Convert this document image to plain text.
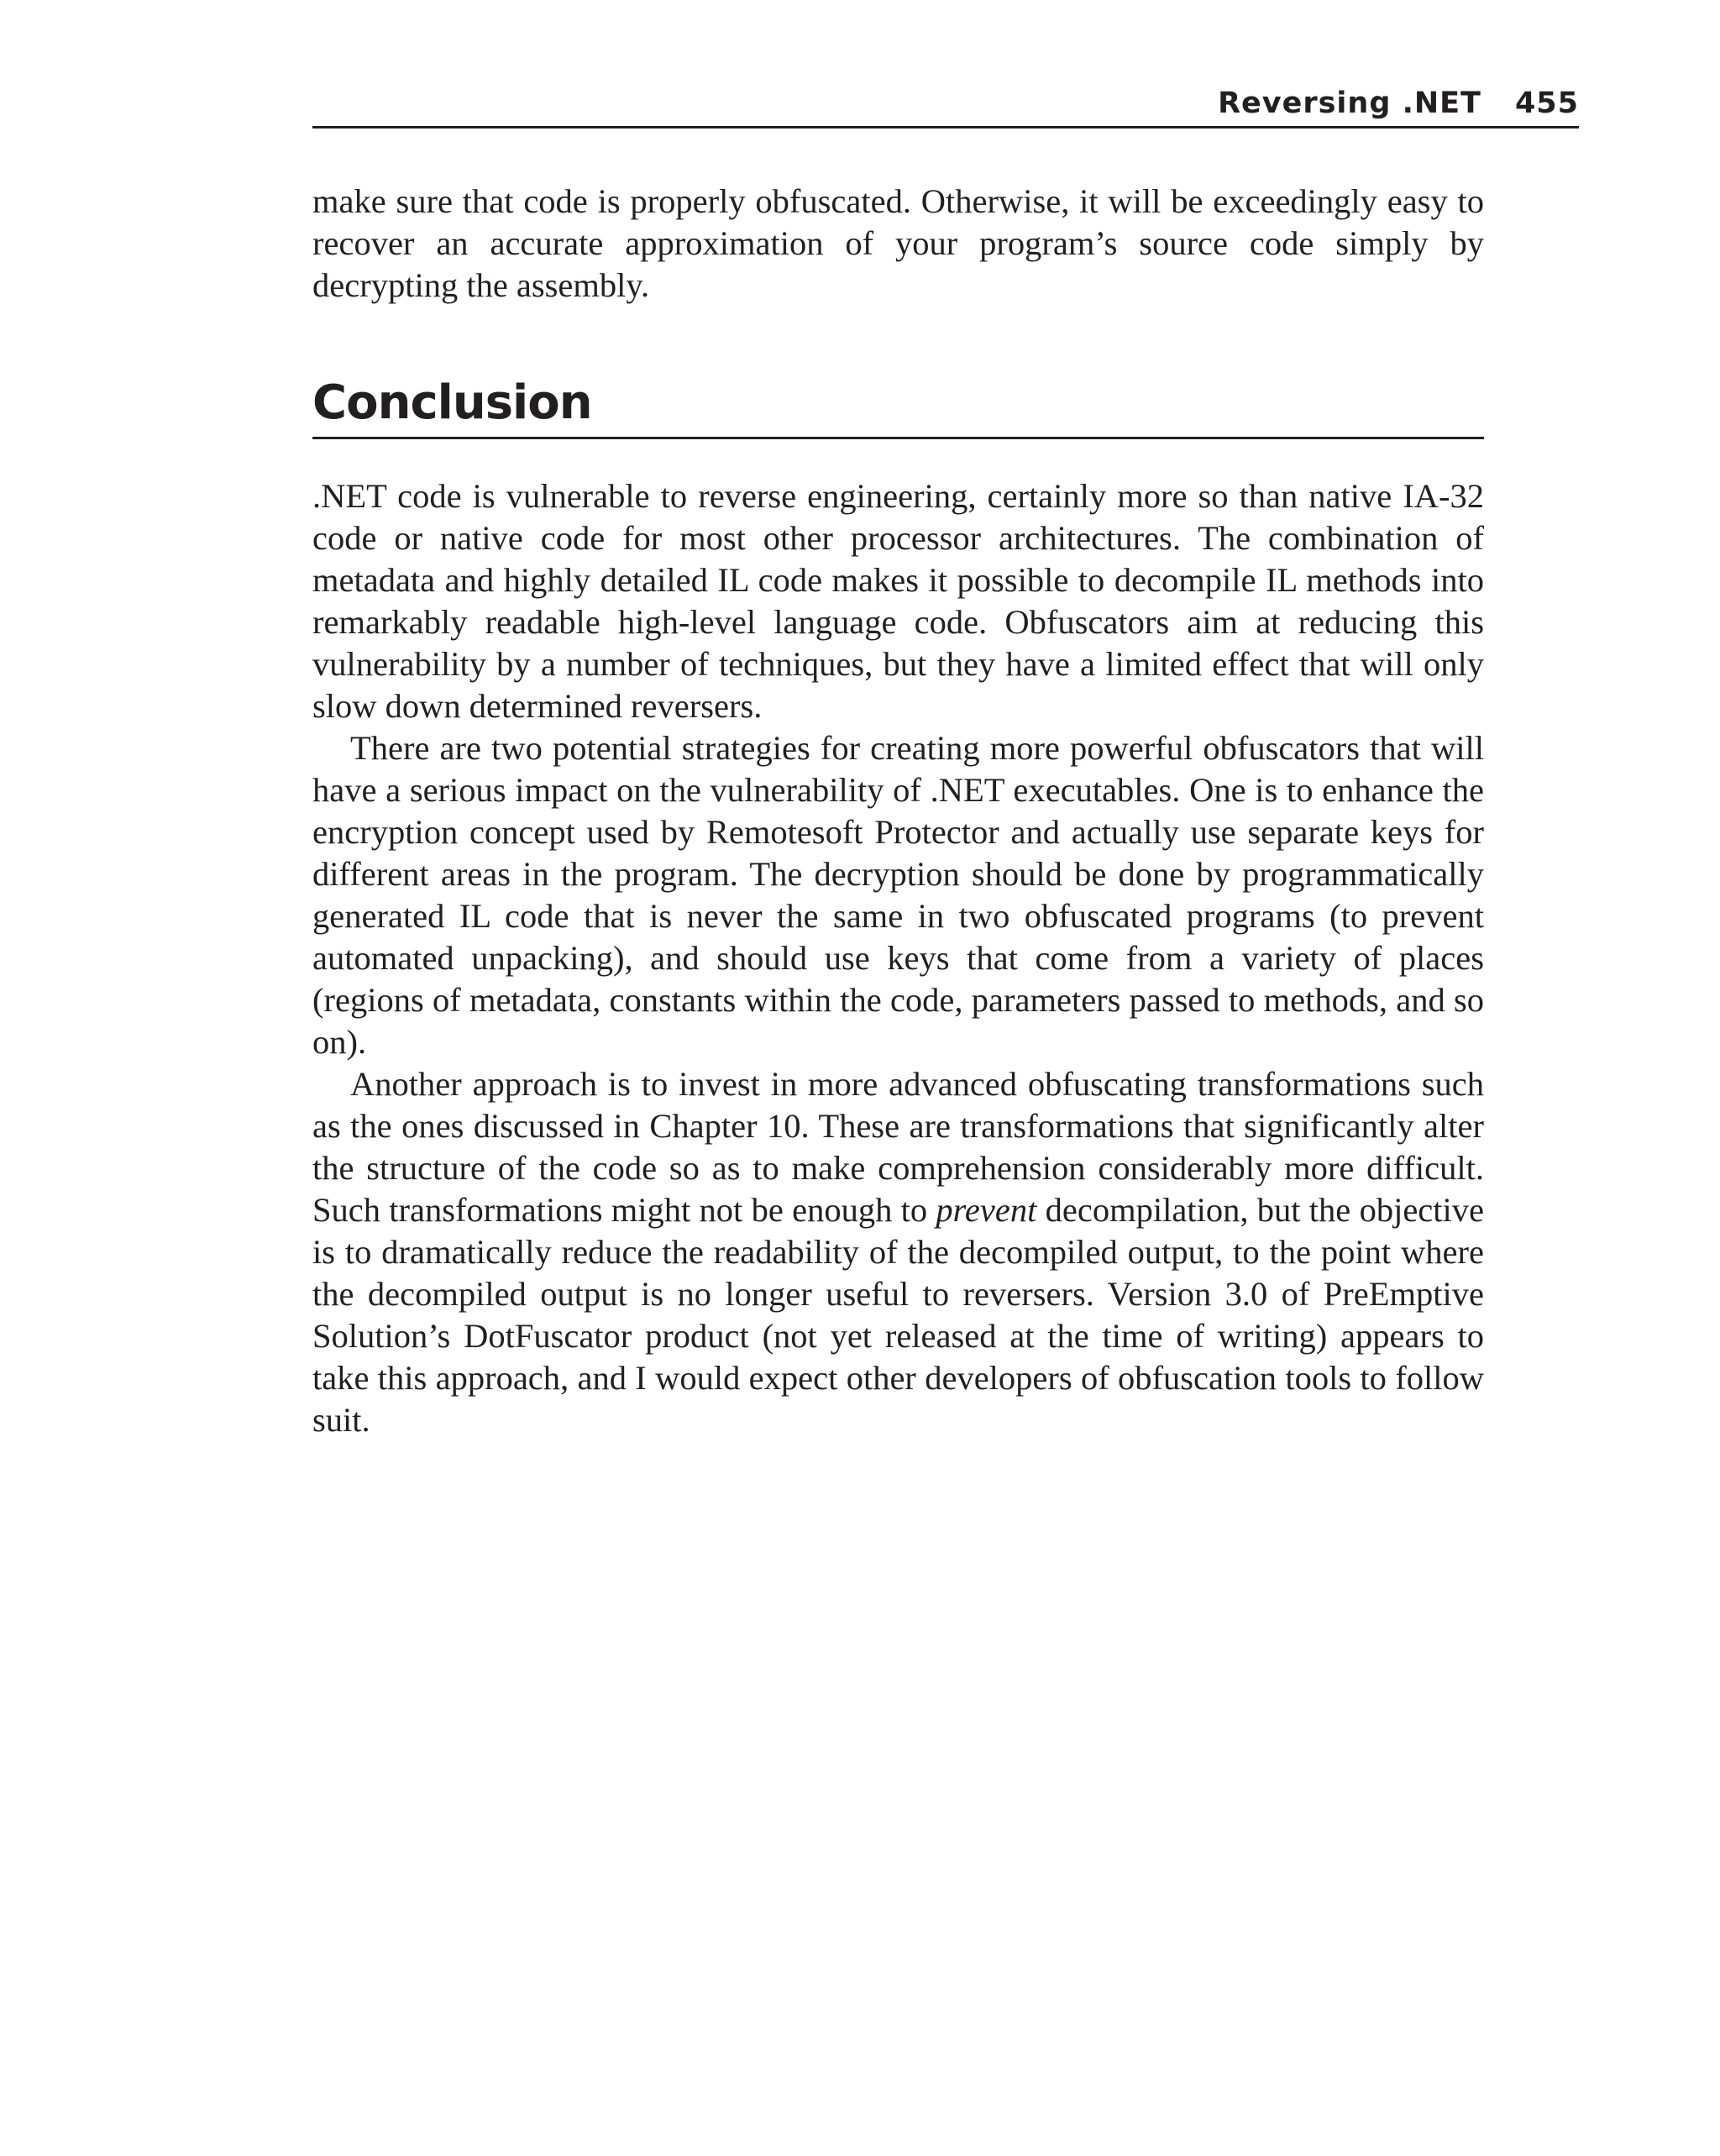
Reversing .NET 455

make sure that code is properly obfuscated. Otherwise, it will be exceedingly easy to recover an accurate approximation of your program’s source code simply by decrypting the assembly.

Conclusion

.NET code is vulnerable to reverse engineering, certainly more so than native IA-32 code or native code for most other processor architectures. The combination of metadata and highly detailed IL code makes it possible to decompile IL methods into remarkably readable high-level language code. Obfuscators aim at reducing this vulnerability by a number of techniques, but they have a limited effect that will only slow down determined reversers.

There are two potential strategies for creating more powerful obfuscators that will have a serious impact on the vulnerability of .NET executables. One is to enhance the encryption concept used by Remotesoft Protector and actually use separate keys for different areas in the program. The decryption should be done by programmatically generated IL code that is never the same in two obfuscated programs (to prevent automated unpacking), and should use keys that come from a variety of places (regions of metadata, constants within the code, parameters passed to methods, and so on).

Another approach is to invest in more advanced obfuscating transformations such as the ones discussed in Chapter 10. These are transformations that significantly alter the structure of the code so as to make comprehension considerably more difficult. Such transformations might not be enough to prevent decompilation, but the objective is to dramatically reduce the readability of the decompiled output, to the point where the decompiled output is no longer useful to reversers. Version 3.0 of PreEmptive Solution’s DotFuscator product (not yet released at the time of writing) appears to take this approach, and I would expect other developers of obfuscation tools to follow suit.
